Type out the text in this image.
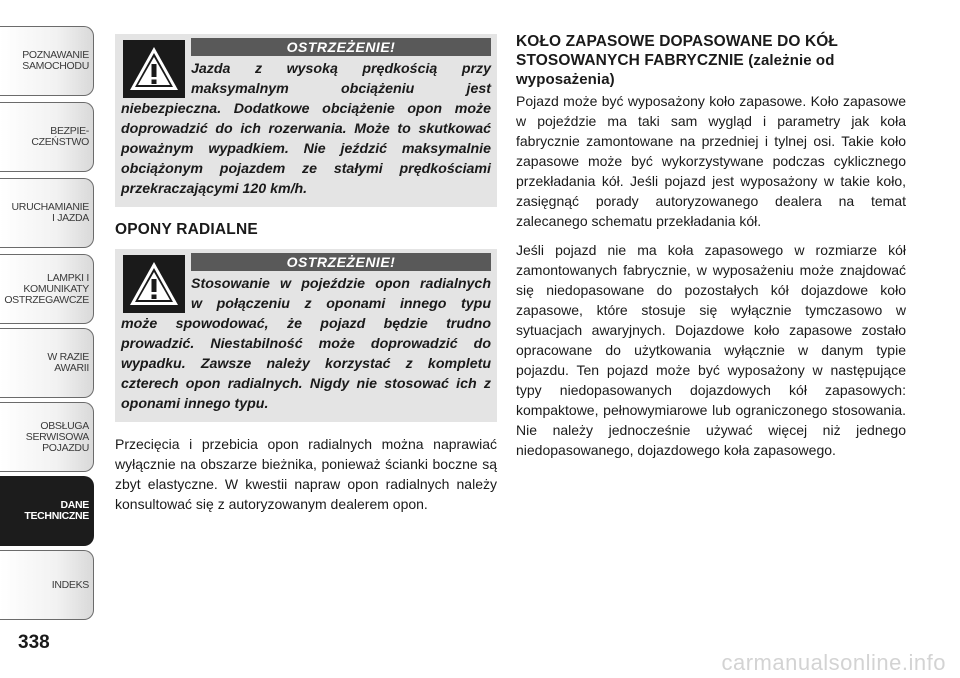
POZNAWANIE
SAMOCHODU
BEZPIE-
CZEŃSTWO
URUCHAMIANIE
I JAZDA
LAMPKI I
KOMUNIKATY
OSTRZEGAWCZE
W RAZIE
AWARII
OBSŁUGA
SERWISOWA
POJAZDU
DANE
TECHNICZNE
INDEKS
338
OSTRZEŻENIE!
Jazda z wysoką prędkością przy
maksymalnym obciążeniu jest
niebezpieczna. Dodatkowe obciążenie opon może doprowadzić do ich rozerwania. Może to skutkować poważnym wypadkiem. Nie jeździć maksymalnie obciążonym pojazdem ze stałymi prędkościami przekraczającymi 120 km/h.
OPONY RADIALNE
OSTRZEŻENIE!
Stosowanie w pojeździe opon radialnych
w połączeniu z oponami innego typu
może spowodować, że pojazd będzie trudno prowadzić. Niestabilność może doprowadzić do wypadku. Zawsze należy korzystać z kompletu czterech opon radialnych. Nigdy nie stosować ich z oponami innego typu.

Przecięcia i przebicia opon radialnych można naprawiać wyłącznie na obszarze bieżnika, ponieważ ścianki boczne są zbyt elastyczne. W kwestii napraw opon radialnych należy konsultować się z autoryzowanym dealerem opon.

KOŁO ZAPASOWE DOPASOWANE DO KÓŁ STOSOWANYCH FABRYCZNIE (zależnie od wyposażenia)

Pojazd może być wyposażony koło zapasowe. Koło zapasowe w pojeździe ma taki sam wygląd i parametry jak koła fabrycznie zamontowane na przedniej i tylnej osi. Takie koło zapasowe może być wykorzystywane podczas cyklicznego przekładania kół. Jeśli pojazd jest wyposażony w takie koło, zasięgnąć porady autoryzowanego dealera na temat zalecanego schematu przekładania kół.

Jeśli pojazd nie ma koła zapasowego w rozmiarze kół zamontowanych fabrycznie, w wyposażeniu może znajdować się niedopasowane do pozostałych kół dojazdowe koło zapasowe, które stosuje się wyłącznie tymczasowo w sytuacjach awaryjnych. Dojazdowe koło zapasowe zostało opracowane do użytkowania wyłącznie w danym typie pojazdu. Ten pojazd może być wyposażony w następujące typy niedopasowanych dojazdowych kół zapasowych: kompaktowe, pełnowymiarowe lub ograniczonego stosowania. Nie należy jednocześnie używać więcej niż jednego niedopasowanego, dojazdowego koła zapasowego.

carmanualsonline.info
